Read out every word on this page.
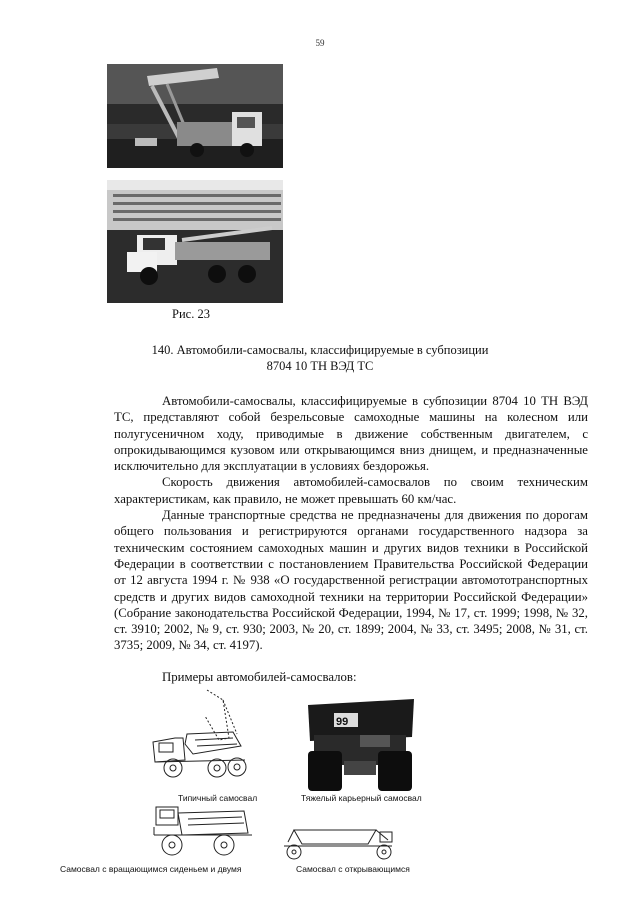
59
Рис. 23
140. Автомобили-самосвалы, классифицируемые в субпозиции
8704 10 ТН ВЭД ТС

Автомобили-самосвалы, классифицируемые в субпозиции 8704 10 ТН ВЭД ТС, представляют собой безрельсовые самоходные машины на колесном или полугусеничном ходу, приводимые в движение собственным двигателем, с опрокидывающимся кузовом или открывающимся вниз днищем, и предназначенные исключительно для эксплуатации в условиях бездорожья.

Скорость движения автомобилей-самосвалов по своим техническим характеристикам, как правило, не может превышать 60 км/час.

Данные транспортные средства не предназначены для движения по дорогам общего пользования и регистрируются органами государственного надзора за техническим состоянием самоходных машин и других видов техники в Российской Федерации в соответствии с постановлением Правительства Российской Федерации от 12 августа 1994 г. № 938 «О государственной регистрации автомототранспортных средств и других видов самоходной техники на территории Российской Федерации» (Собрание законодательства Российской Федерации, 1994, № 17, ст. 1999; 1998, № 32, ст. 3910; 2002, № 9, ст. 930; 2003, № 20, ст. 1899; 2004, № 33, ст. 3495; 2008, № 31, ст. 3735; 2009, № 34, ст. 4197).

Примеры автомобилей-самосвалов:
99
Типичный самосвал	Тяжелый карьерный самосвал
Самосвал с вращающимся сиденьем и двумя	Самосвал с открывающимся
